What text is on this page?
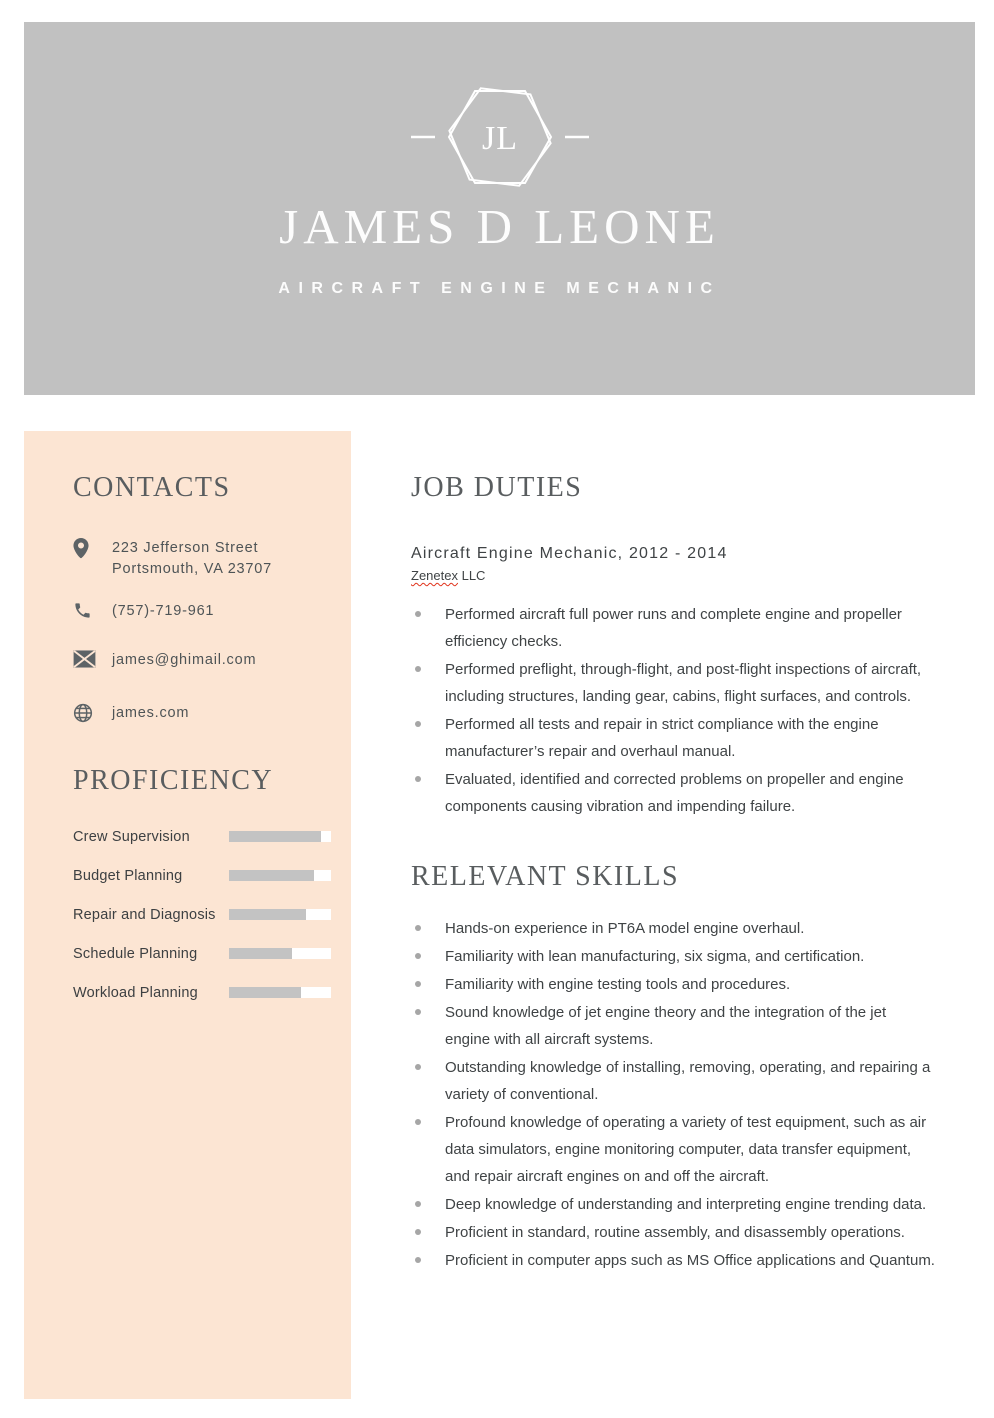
JL
JAMES D LEONE
AIRCRAFT ENGINE MECHANIC
CONTACTS
223 Jefferson Street
Portsmouth, VA 23707
(757)-719-961
james@ghimail.com
james.com
PROFICIENCY
Crew Supervision
Budget Planning
Repair and Diagnosis
Schedule Planning
Workload Planning
JOB DUTIES
Aircraft Engine Mechanic, 2012 - 2014
Zenetex LLC
Performed aircraft full power runs and complete engine and propeller efficiency checks.
Performed preflight, through-flight, and post-flight inspections of aircraft, including structures, landing gear, cabins, flight surfaces, and controls.
Performed all tests and repair in strict compliance with the engine manufacturer’s repair and overhaul manual.
Evaluated, identified and corrected problems on propeller and engine components causing vibration and impending failure.
RELEVANT SKILLS
Hands-on experience in PT6A model engine overhaul.
Familiarity with lean manufacturing, six sigma, and certification.
Familiarity with engine testing tools and procedures.
Sound knowledge of jet engine theory and the integration of the jet engine with all aircraft systems.
Outstanding knowledge of installing, removing, operating, and repairing a variety of conventional.
Profound knowledge of operating a variety of test equipment, such as air data simulators, engine monitoring computer, data transfer equipment, and repair aircraft engines on and off the aircraft.
Deep knowledge of understanding and interpreting engine trending data.
Proficient in standard, routine assembly, and disassembly operations.
Proficient in computer apps such as MS Office applications and Quantum.
